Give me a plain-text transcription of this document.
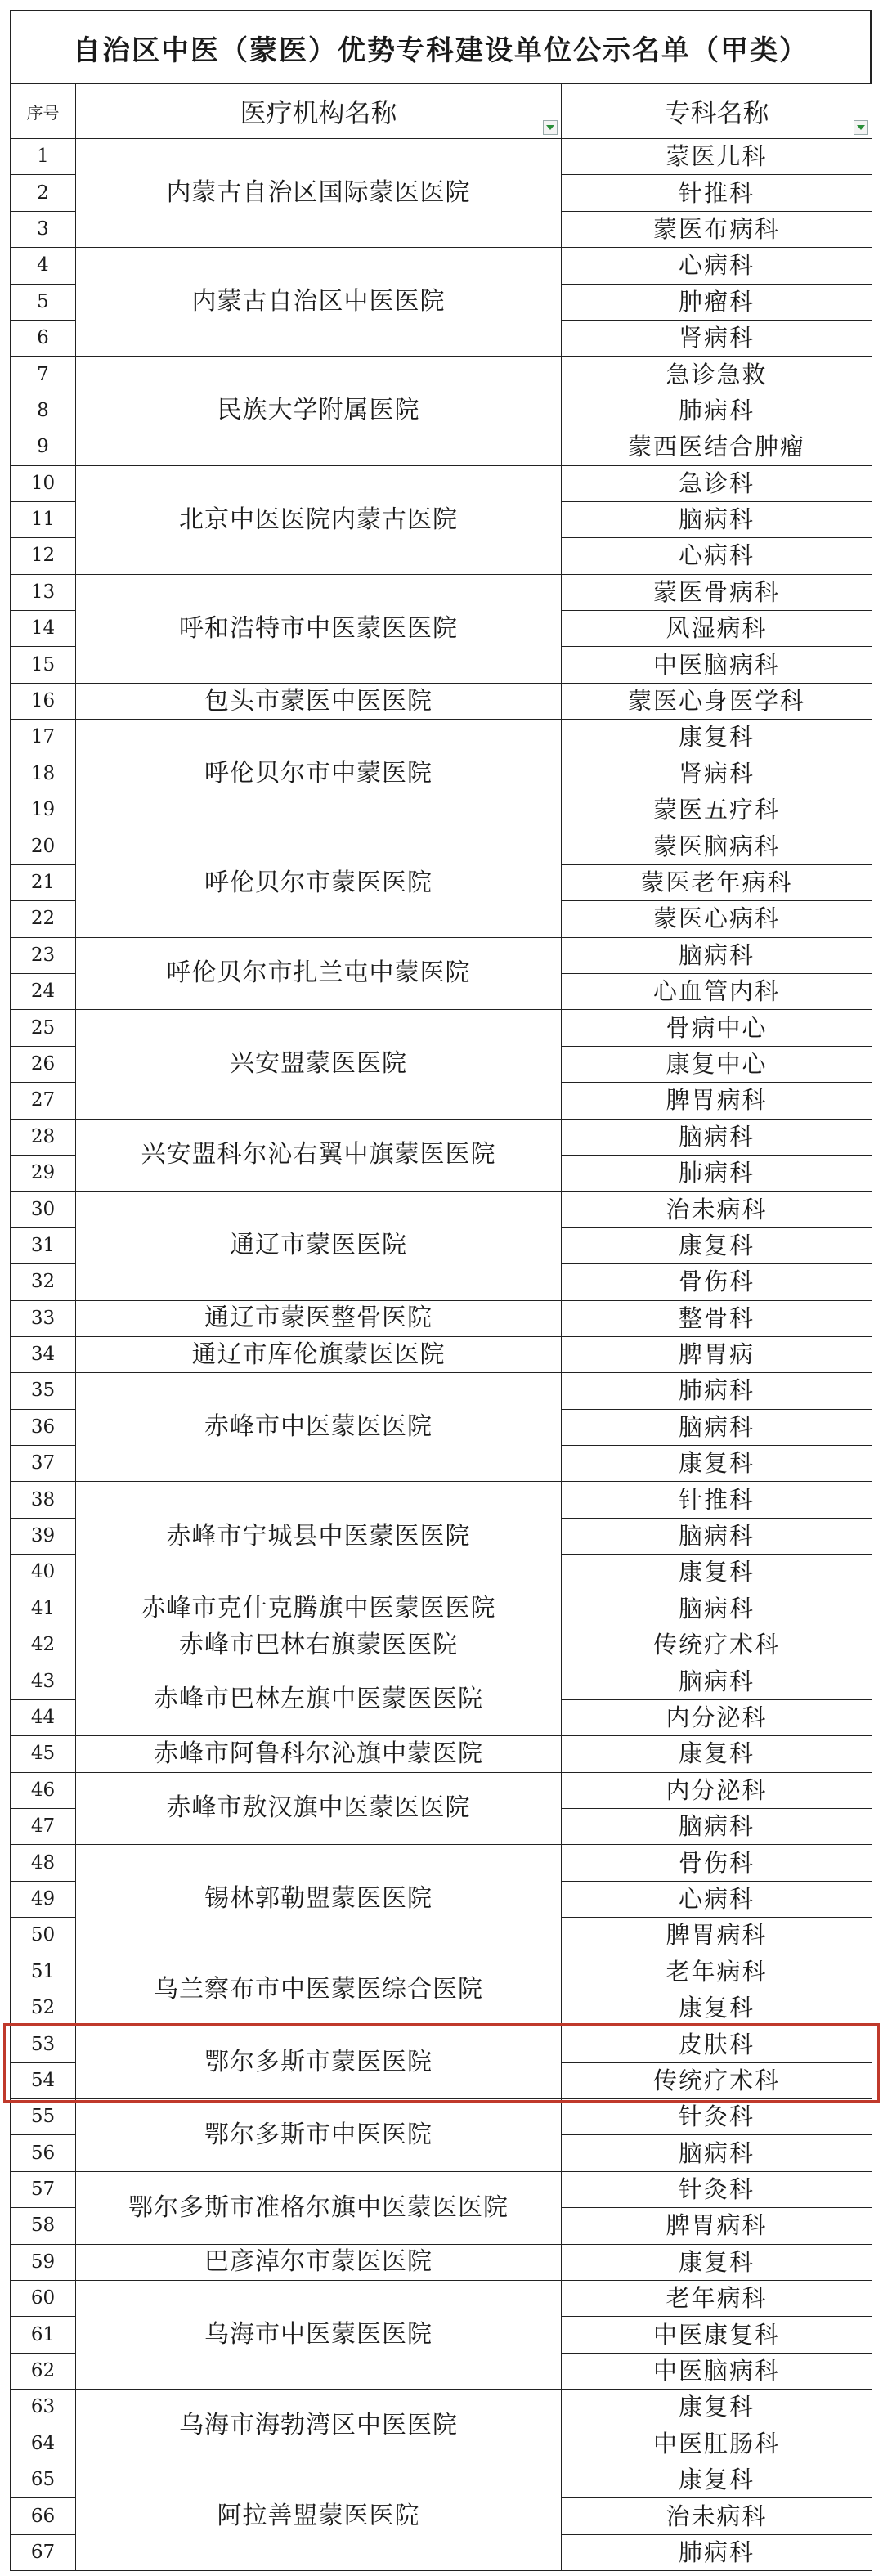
自治区中医（蒙医）优势专科建设单位公示名单（甲类）
序号	医疗机构名称	专科名称

1	内蒙古自治区国际蒙医医院	蒙医儿科
2		针推科
3		蒙医布病科
4	内蒙古自治区中医医院	心病科
5		肿瘤科
6		肾病科
7	民族大学附属医院	急诊急救
8		肺病科
9		蒙西医结合肿瘤
10	北京中医医院内蒙古医院	急诊科
11		脑病科
12		心病科
13	呼和浩特市中医蒙医医院	蒙医骨病科
14		风湿病科
15		中医脑病科
16	包头市蒙医中医医院	蒙医心身医学科
17	呼伦贝尔市中蒙医院	康复科
18		肾病科
19		蒙医五疗科
20	呼伦贝尔市蒙医医院	蒙医脑病科
21		蒙医老年病科
22		蒙医心病科
23	呼伦贝尔市扎兰屯中蒙医院	脑病科
24		心血管内科
25	兴安盟蒙医医院	骨病中心
26		康复中心
27		脾胃病科
28	兴安盟科尔沁右翼中旗蒙医医院	脑病科
29		肺病科
30	通辽市蒙医医院	治未病科
31		康复科
32		骨伤科
33	通辽市蒙医整骨医院	整骨科
34	通辽市库伦旗蒙医医院	脾胃病
35	赤峰市中医蒙医医院	肺病科
36		脑病科
37		康复科
38	赤峰市宁城县中医蒙医医院	针推科
39		脑病科
40		康复科
41	赤峰市克什克腾旗中医蒙医医院	脑病科
42	赤峰市巴林右旗蒙医医院	传统疗术科
43	赤峰市巴林左旗中医蒙医医院	脑病科
44		内分泌科
45	赤峰市阿鲁科尔沁旗中蒙医院	康复科
46	赤峰市敖汉旗中医蒙医医院	内分泌科
47		脑病科
48	锡林郭勒盟蒙医医院	骨伤科
49		心病科
50		脾胃病科
51	乌兰察布市中医蒙医综合医院	老年病科
52		康复科
53	鄂尔多斯市蒙医医院	皮肤科
54		传统疗术科
55	鄂尔多斯市中医医院	针灸科
56		脑病科
57	鄂尔多斯市准格尔旗中医蒙医医院	针灸科
58		脾胃病科
59	巴彦淖尔市蒙医医院	康复科
60	乌海市中医蒙医医院	老年病科
61		中医康复科
62		中医脑病科
63	乌海市海勃湾区中医医院	康复科
64		中医肛肠科
65	阿拉善盟蒙医医院	康复科
66		治未病科
67		肺病科
